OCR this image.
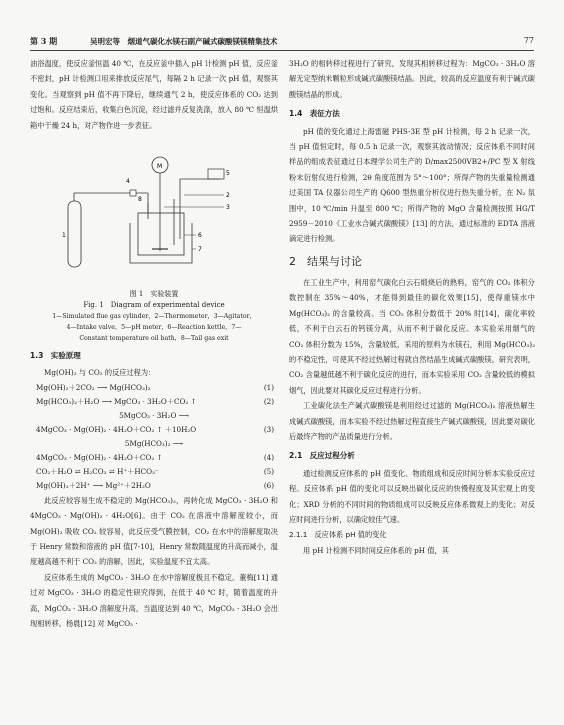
第 3 期	吴明宏等　烟道气碳化水镁石副产碱式碳酸镁镁精集技术	77

油浴温度，使反应釜恒温 40 ℃，在反应釜中插入 pH 计检测 pH 值，反应釜不密封，pH 计检测口用来排放反应尾气，每隔 2 h 记录一次 pH 值，观察其变化。当观察到 pH 值不再下降后，继续通气 2 h，使反应体系的 CO₂ 达到过饱和。反应结束后，收集白色沉淀，经过滤并反复洗涤，放入 80 ℃ 恒温烘箱中干燥 24 h，对产物作进一步表征。

1
2
3
4
5
6
7
8
M
图 1　实验装置
Fig. 1　Diagram of experimental device
1—Simulated flue gas cylinder，2—Thermometer，3—Agitator，
4—Intake valve，5—pH meter，6—Reaction kettle，7—
Constant temperature oil bath，8—Tail gas exit
1.3　实验原理

Mg(OH)₂ 与 CO₂ 的反应过程为：

Mg(OH)₂＋2CO₂ ⟶ Mg(HCO₃)₂	(1)
Mg(HCO₃)₂＋H₂O ⟶ MgCO₃ · 3H₂O＋CO₂ ↑	(2)
5MgCO₃ · 3H₂O ⟶
4MgCO₃ · Mg(OH)₂ · 4H₂O＋CO₂ ↑ ＋10H₂O	(3)
5Mg(HCO₃)₂ ⟶
4MgCO₃ · Mg(OH)₂ · 4H₂O＋CO₂ ↑	(4)
CO₂＋H₂O ⇌ H₂CO₃ ⇌ H⁺＋HCO₃⁻	(5)
Mg(OH)₂＋2H⁺ ⟶ Mg²⁺＋2H₂O	(6)

此反应较容易生成不稳定的 Mg(HCO₃)₂，再转化成 MgCO₃ · 3H₂O 和 4MgCO₃ · Mg(OH)₂ · 4H₂O[6]。由于 CO₂ 在溶液中溶解度较小，而 Mg(OH)₂ 吸收 CO₂ 较容易，此反应受气膜控制，CO₂ 在水中的溶解度取决于 Henry 常数和溶液的 pH 值[7-10]，Henry 常数随温度的升高而减小，温度越高越不利于 CO₂ 的溶解，因此，实验温度不宜太高。

反应体系生成的 MgCO₃ · 3H₂O 在水中溶解度极且不稳定。董梅[11] 通过对 MgCO₃ · 3H₂O 的稳定性研究得到，在低于 40 ℃ 时，随着温度的升高，MgCO₃ · 3H₂O 溶解度升高，当温度达到 40 ℃，MgCO₃ · 3H₂O 会出现相转移。杨晨[12] 对 MgCO₃ ·

3H₂O 的相转移过程进行了研究，发现其相转移过程为：MgCO₃ · 3H₂O 溶解无定型纳米颗粒形成碱式碳酸镁结晶。因此，较高的反应温度有利于碱式碳酸镁结晶的形成。

1.4　表征方法

pH 值的变化通过上海雷磁 PHS-3E 型 pH 计检测，每 2 h 记录一次，当 pH 值恒定时，每 0.5 h 记录一次，观察其波动情况；反应体系不同时间样品的组成表征通过日本理学公司生产的 D/max2500VB2+/PC 型 X 射线粉末衍射仪进行检测，2θ 角度范围为 5°～100°；所得产物的失重量检测通过美国 TA 仪器公司生产的 Q600 型热重分析仪进行热失重分析，在 N₂ 氛围中，10 ℃/min 升温至 800 ℃；所得产物的 MgO 含量检测按照 HG/T 2959－2010《工业水合碱式碳酸镁》[13] 的方法，通过标准的 EDTA 溶液滴定进行检测。

2　结果与讨论

在工业生产中，利用窑气碳化白云石煅烧后的熟料，窑气的 CO₂ 体积分数控制在 35%～40%，才能得到最佳的碳化效果[15]，使得重镁水中 Mg(HCO₃)₂ 的含量较高。当 CO₂ 体积分数低于 20% 时[14]，碳化率较低，不利于白云石的钙镁分离，从而不利于碳化反应。本实验采用烟气的 CO₂ 体积分数为 15%，含量较低，采用的原料为水镁石，利用 Mg(HCO₃)₂ 的不稳定性，可使其不经过热解过程就自然结晶生成碱式碳酸镁。研究表明，CO₂ 含量越低越不利于碳化反应的进行，而本实验采用 CO₂ 含量较低的模拟烟气，因此要对其碳化反应过程进行分析。

工业碳化法生产碱式碳酸镁是利用经过过滤的 Mg(HCO₃)₂ 溶液热解生成碱式碳酸镁，而本实验不经过热解过程直接生产碱式碳酸镁，因此要对碳化后最终产物的产品质量进行分析。

2.1　反应过程分析

通过检测反应体系的 pH 值变化、物质组成和反应时间分析本实验反应过程。反应体系 pH 值的变化可以反映出碳化反应的快慢程度及其宏观上的变化；XRD 分析的不同时间的物质组成可以反映反应体系微观上的变化；对反应时间进行分析，以确定较佳气速。

2.1.1　反应体系 pH 值的变化

用 pH 计检测不同时间反应体系的 pH 值，其
